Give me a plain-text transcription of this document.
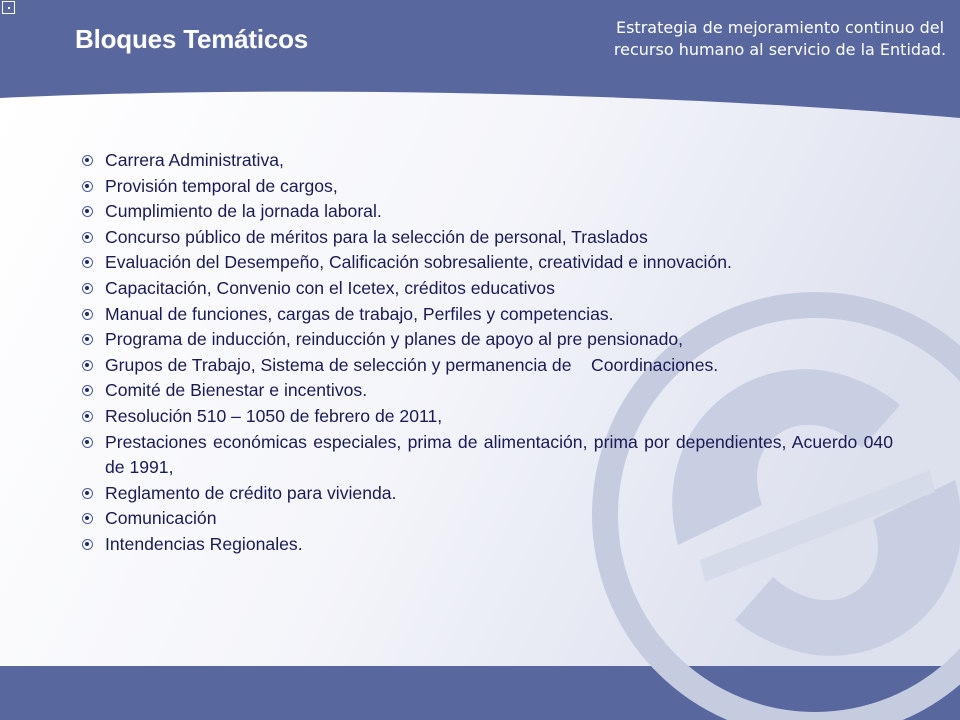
Bloques Temáticos	Estrategia de mejoramiento continuo del recurso humano al servicio de la Entidad.
Carrera Administrativa,
Provisión temporal de cargos,
Cumplimiento de la jornada laboral.
Concurso público de méritos para la selección de personal, Traslados
Evaluación del Desempeño, Calificación sobresaliente, creatividad e innovación.
Capacitación, Convenio con el Icetex, créditos educativos
Manual de funciones, cargas de trabajo, Perfiles y competencias.
Programa de inducción, reinducción y planes de apoyo al pre pensionado,
Grupos de Trabajo, Sistema de selección y permanencia de    Coordinaciones.
Comité de Bienestar e incentivos.
Resolución 510 – 1050 de febrero de 2011,
Prestaciones económicas especiales, prima de alimentación, prima por dependientes, Acuerdo 040 de 1991,
Reglamento de crédito para vivienda.
Comunicación
Intendencias Regionales.
